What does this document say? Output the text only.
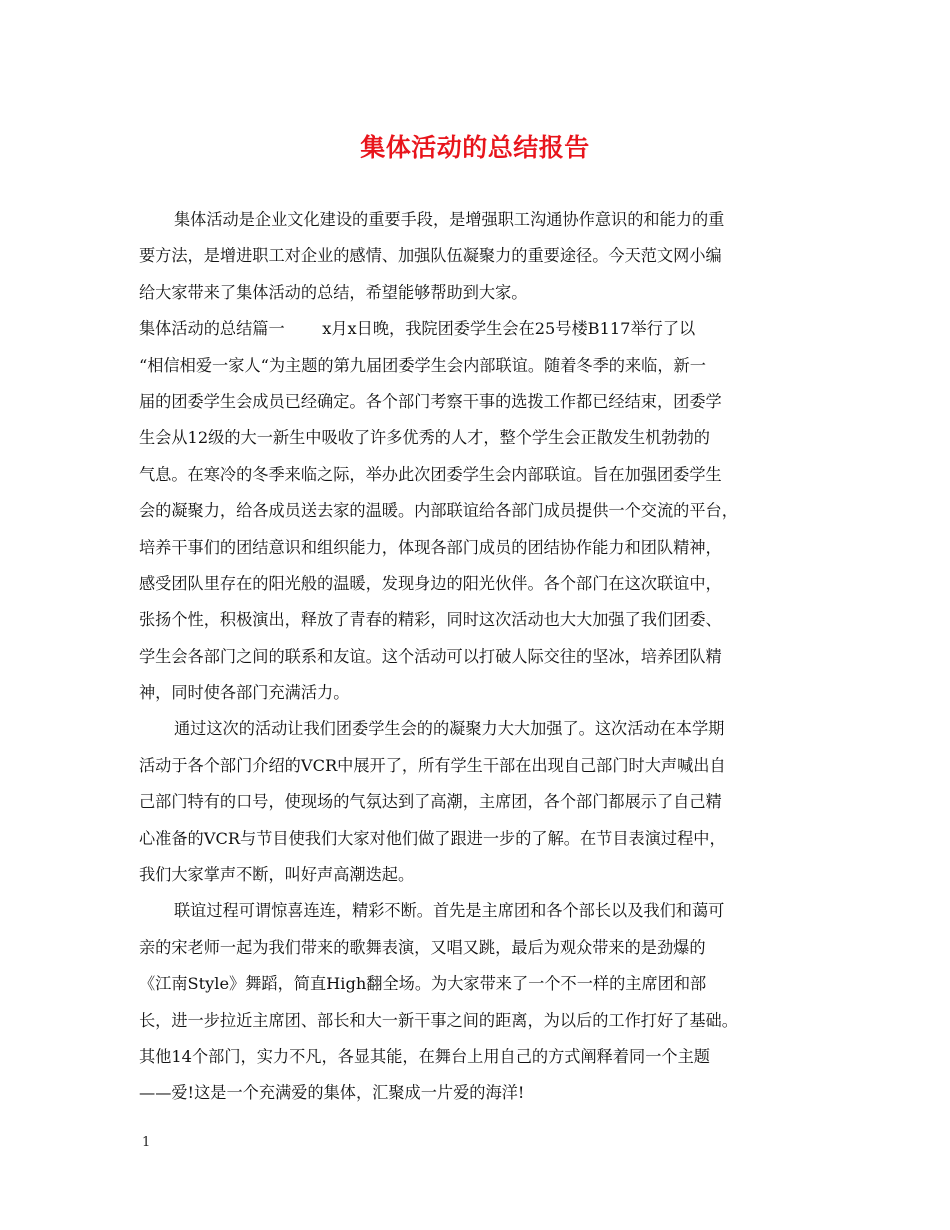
集体活动的总结报告
集体活动是企业文化建设的重要手段，是增强职工沟通协作意识的和能力的重
要方法，是增进职工对企业的感情、加强队伍凝聚力的重要途径。今天范文网小编
给大家带来了集体活动的总结，希望能够帮助到大家。
集体活动的总结篇一　　 x月x日晚，我院团委学生会在25号楼B117举行了以
“相信相爱一家人“为主题的第九届团委学生会内部联谊。随着冬季的来临，新一
届的团委学生会成员已经确定。各个部门考察干事的选拨工作都已经结束，团委学
生会从12级的大一新生中吸收了许多优秀的人才，整个学生会正散发生机勃勃的
气息。在寒冷的冬季来临之际，举办此次团委学生会内部联谊。旨在加强团委学生
会的凝聚力，给各成员送去家的温暖。内部联谊给各部门成员提供一个交流的平台，
培养干事们的团结意识和组织能力，体现各部门成员的团结协作能力和团队精神，
感受团队里存在的阳光般的温暖，发现身边的阳光伙伴。各个部门在这次联谊中，
张扬个性，积极演出，释放了青春的精彩，同时这次活动也大大加强了我们团委、
学生会各部门之间的联系和友谊。这个活动可以打破人际交往的坚冰，培养团队精
神，同时使各部门充满活力。
通过这次的活动让我们团委学生会的的凝聚力大大加强了。这次活动在本学期
活动于各个部门介绍的VCR中展开了，所有学生干部在出现自己部门时大声喊出自
己部门特有的口号，使现场的气氛达到了高潮，主席团，各个部门都展示了自己精
心准备的VCR与节目使我们大家对他们做了跟进一步的了解。在节目表演过程中，
我们大家掌声不断，叫好声高潮迭起。
联谊过程可谓惊喜连连，精彩不断。首先是主席团和各个部长以及我们和蔼可
亲的宋老师一起为我们带来的歌舞表演，又唱又跳，最后为观众带来的是劲爆的
《江南Style》舞蹈，简直High翻全场。为大家带来了一个不一样的主席团和部
长，进一步拉近主席团、部长和大一新干事之间的距离，为以后的工作打好了基础。
其他14个部门，实力不凡，各显其能，在舞台上用自己的方式阐释着同一个主题
——爱!这是一个充满爱的集体，汇聚成一片爱的海洋!
1
